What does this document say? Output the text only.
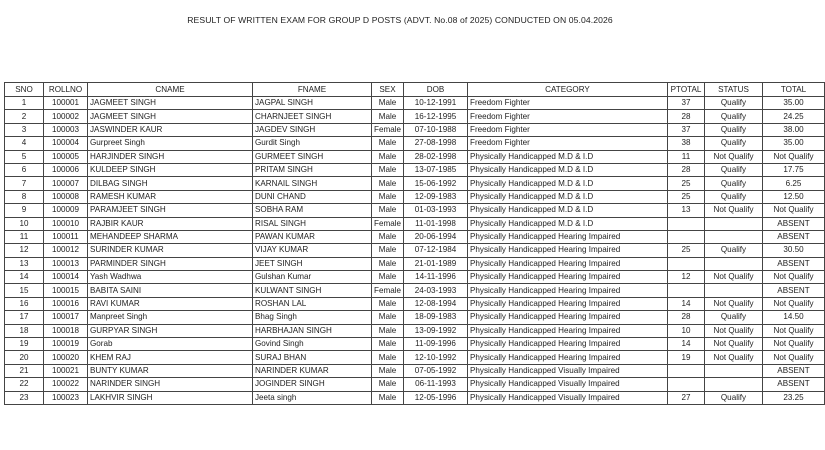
RESULT OF WRITTEN EXAM FOR GROUP D POSTS (ADVT. No.08 of 2025) CONDUCTED ON 05.04.2026
SNO	ROLLNO	CNAME	FNAME	SEX	DOB	CATEGORY	PTOTAL	STATUS	TOTAL
1	100001	JAGMEET SINGH	JAGPAL SINGH	Male	10-12-1991	Freedom Fighter	37	Qualify	35.00
2	100002	JAGMEET SINGH	CHARNJEET SINGH	Male	16-12-1995	Freedom Fighter	28	Qualify	24.25
3	100003	JASWINDER KAUR	JAGDEV SINGH	Female	07-10-1988	Freedom Fighter	37	Qualify	38.00
4	100004	Gurpreet Singh	Gurdit Singh	Male	27-08-1998	Freedom Fighter	38	Qualify	35.00
5	100005	HARJINDER SINGH	GURMEET SINGH	Male	28-02-1998	Physically Handicapped M.D & I.D	11	Not Qualify	Not Qualify
6	100006	KULDEEP SINGH	PRITAM SINGH	Male	13-07-1985	Physically Handicapped M.D & I.D	28	Qualify	17.75
7	100007	DILBAG SINGH	KARNAIL SINGH	Male	15-06-1992	Physically Handicapped M.D & I.D	25	Qualify	6.25
8	100008	RAMESH KUMAR	DUNI CHAND	Male	12-09-1983	Physically Handicapped M.D & I.D	25	Qualify	12.50
9	100009	PARAMJEET SINGH	SOBHA RAM	Male	01-03-1993	Physically Handicapped M.D & I.D	13	Not Qualify	Not Qualify
10	100010	RAJBIR KAUR	RISAL SINGH	Female	11-01-1998	Physically Handicapped M.D & I.D			ABSENT
11	100011	MEHANDEEP SHARMA	PAWAN KUMAR	Male	20-06-1994	Physically Handicapped Hearing Impaired			ABSENT
12	100012	SURINDER KUMAR	VIJAY KUMAR	Male	07-12-1984	Physically Handicapped Hearing Impaired	25	Qualify	30.50
13	100013	PARMINDER SINGH	JEET SINGH	Male	21-01-1989	Physically Handicapped Hearing Impaired			ABSENT
14	100014	Yash Wadhwa	Gulshan Kumar	Male	14-11-1996	Physically Handicapped Hearing Impaired	12	Not Qualify	Not Qualify
15	100015	BABITA SAINI	KULWANT SINGH	Female	24-03-1993	Physically Handicapped Hearing Impaired			ABSENT
16	100016	RAVI KUMAR	ROSHAN LAL	Male	12-08-1994	Physically Handicapped Hearing Impaired	14	Not Qualify	Not Qualify
17	100017	Manpreet Singh	Bhag Singh	Male	18-09-1983	Physically Handicapped Hearing Impaired	28	Qualify	14.50
18	100018	GURPYAR SINGH	HARBHAJAN SINGH	Male	13-09-1992	Physically Handicapped Hearing Impaired	10	Not Qualify	Not Qualify
19	100019	Gorab	Govind Singh	Male	11-09-1996	Physically Handicapped Hearing Impaired	14	Not Qualify	Not Qualify
20	100020	KHEM RAJ	SURAJ BHAN	Male	12-10-1992	Physically Handicapped Hearing Impaired	19	Not Qualify	Not Qualify
21	100021	BUNTY KUMAR	NARINDER KUMAR	Male	07-05-1992	Physically Handicapped Visually Impaired			ABSENT
22	100022	NARINDER SINGH	JOGINDER SINGH	Male	06-11-1993	Physically Handicapped Visually Impaired			ABSENT
23	100023	LAKHVIR SINGH	Jeeta singh	Male	12-05-1996	Physically Handicapped Visually Impaired	27	Qualify	23.25
